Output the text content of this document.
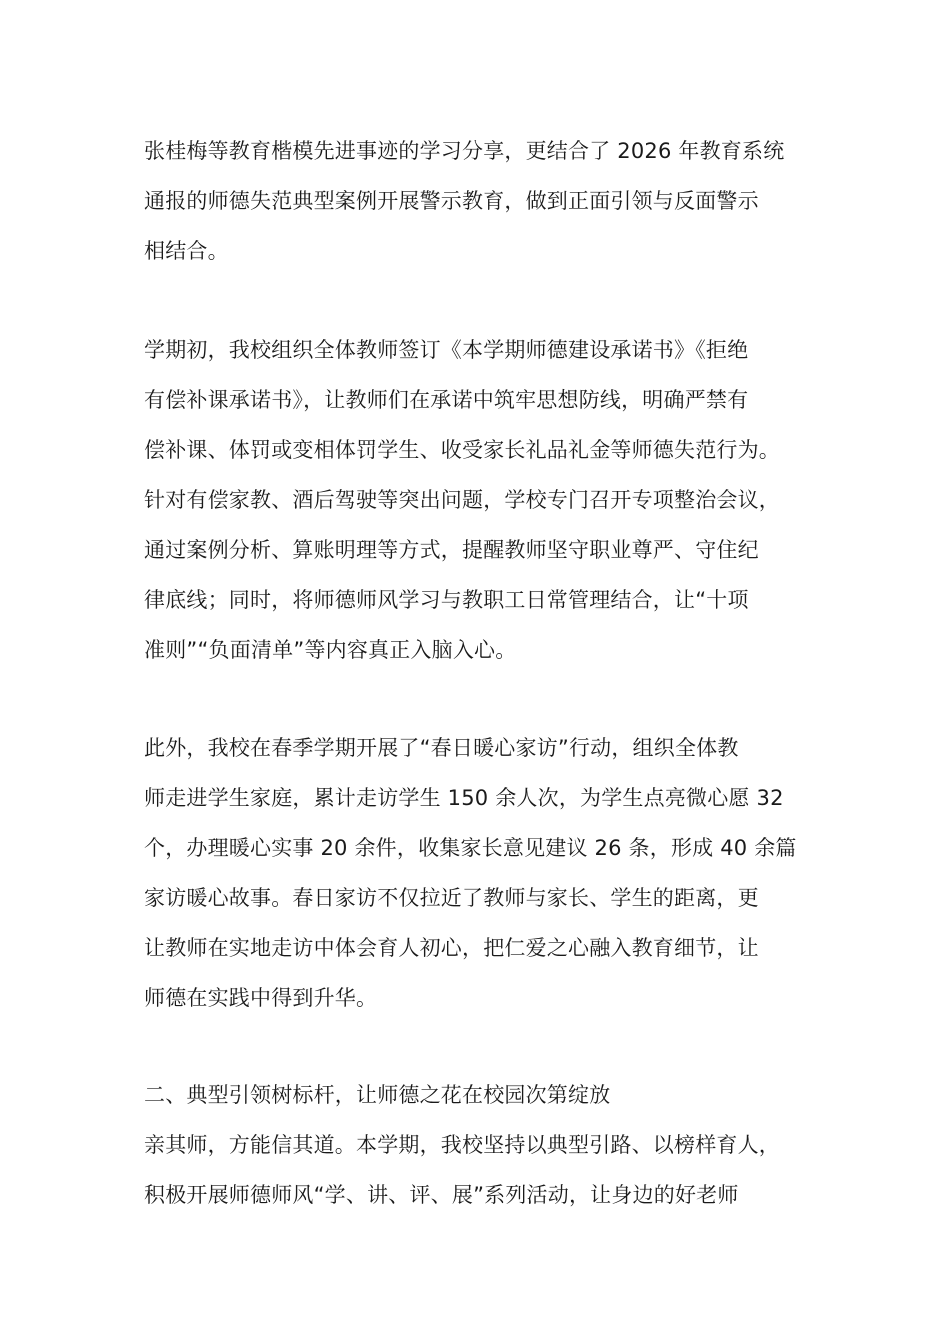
张桂梅等教育楷模先进事迹的学习分享，更结合了 2026 年教育系统
通报的师德失范典型案例开展警示教育，做到正面引领与反面警示
相结合。
学期初，我校组织全体教师签订《本学期师德建设承诺书》《拒绝
有偿补课承诺书》，让教师们在承诺中筑牢思想防线，明确严禁有
偿补课、体罚或变相体罚学生、收受家长礼品礼金等师德失范行为。
针对有偿家教、酒后驾驶等突出问题，学校专门召开专项整治会议，
通过案例分析、算账明理等方式，提醒教师坚守职业尊严、守住纪
律底线；同时，将师德师风学习与教职工日常管理结合，让“十项
准则”“负面清单”等内容真正入脑入心。
此外，我校在春季学期开展了“春日暖心家访”行动，组织全体教
师走进学生家庭，累计走访学生 150 余人次，为学生点亮微心愿 32
个，办理暖心实事 20 余件，收集家长意见建议 26 条，形成 40 余篇
家访暖心故事。春日家访不仅拉近了教师与家长、学生的距离，更
让教师在实地走访中体会育人初心，把仁爱之心融入教育细节，让
师德在实践中得到升华。
二、典型引领树标杆，让师德之花在校园次第绽放
亲其师，方能信其道。本学期，我校坚持以典型引路、以榜样育人，
积极开展师德师风“学、讲、评、展”系列活动，让身边的好老师
